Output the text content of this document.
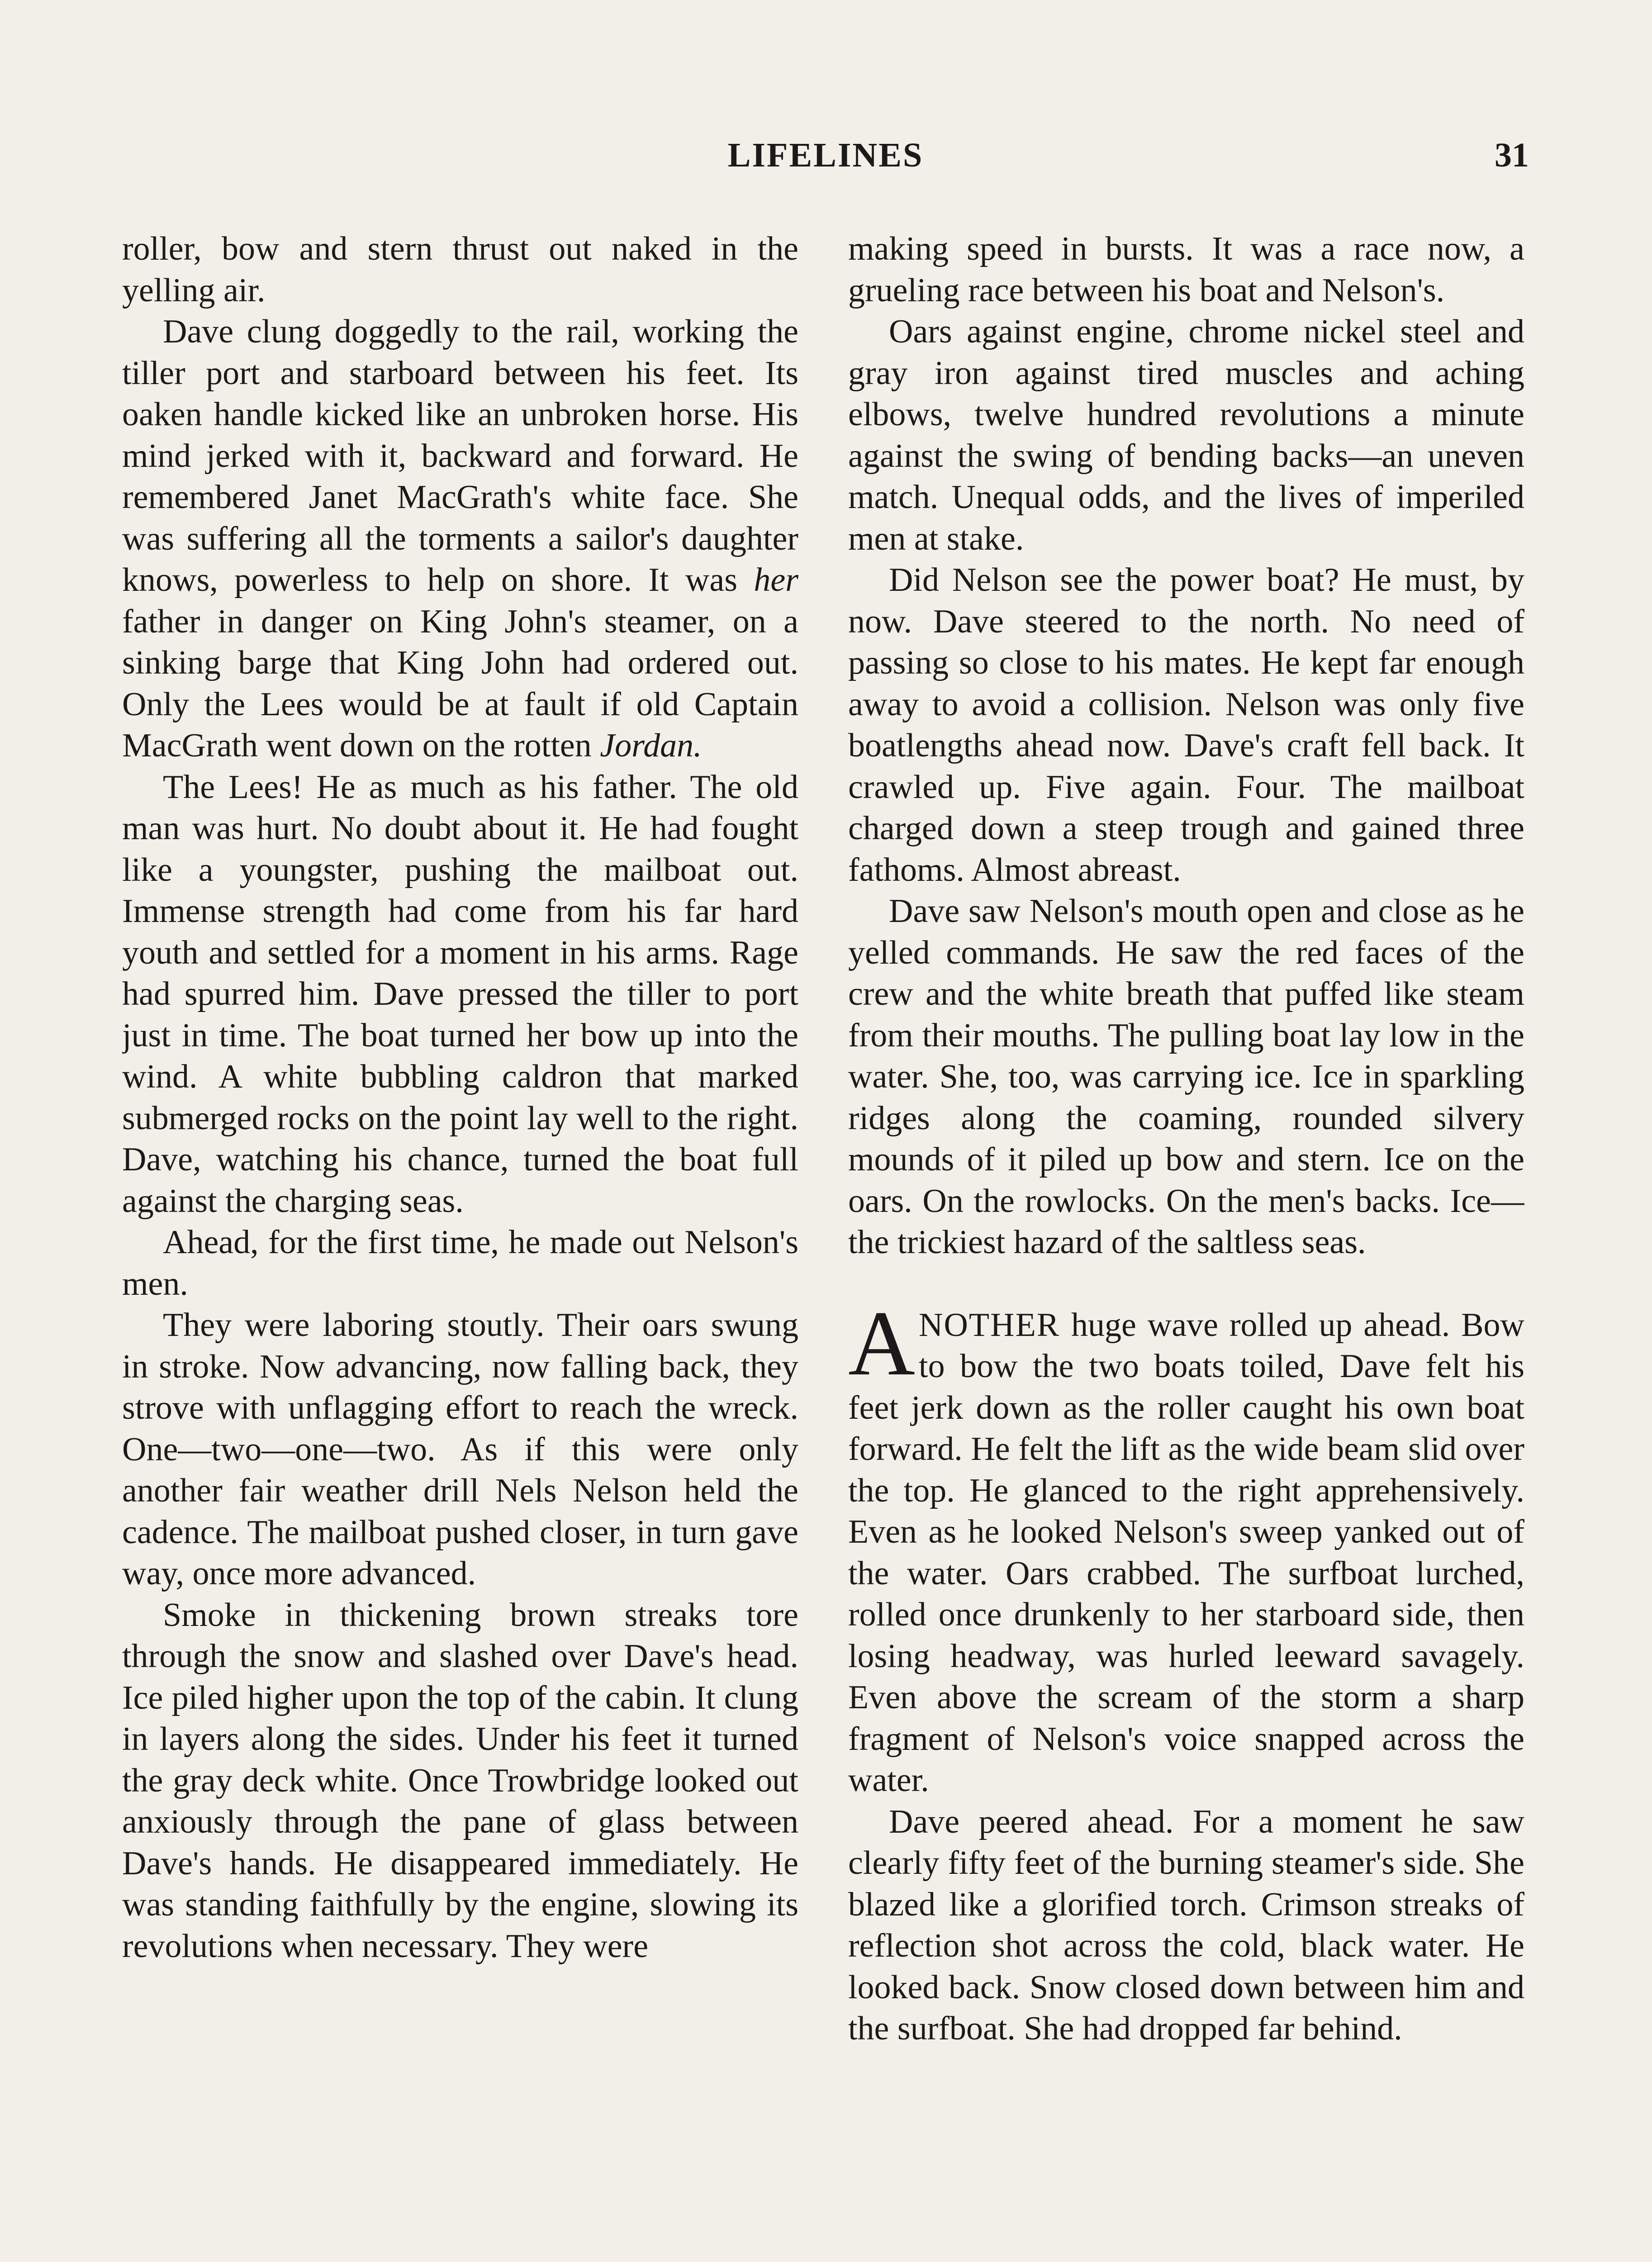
LIFELINES	31

roller, bow and stern thrust out naked in the yelling air.

Dave clung doggedly to the rail, working the tiller port and starboard between his feet. Its oaken handle kicked like an unbroken horse. His mind jerked with it, backward and forward. He remembered Janet MacGrath's white face. She was suffering all the torments a sailor's daughter knows, powerless to help on shore. It was her father in danger on King John's steamer, on a sinking barge that King John had ordered out. Only the Lees would be at fault if old Captain MacGrath went down on the rotten Jordan.

The Lees! He as much as his father. The old man was hurt. No doubt about it. He had fought like a youngster, pushing the mailboat out. Immense strength had come from his far hard youth and settled for a moment in his arms. Rage had spurred him. Dave pressed the tiller to port just in time. The boat turned her bow up into the wind. A white bubbling caldron that marked submerged rocks on the point lay well to the right. Dave, watching his chance, turned the boat full against the charging seas.

Ahead, for the first time, he made out Nelson's men.

They were laboring stoutly. Their oars swung in stroke. Now advancing, now falling back, they strove with unflagging effort to reach the wreck. One—two—one—two. As if this were only another fair weather drill Nels Nelson held the cadence. The mailboat pushed closer, in turn gave way, once more advanced.

Smoke in thickening brown streaks tore through the snow and slashed over Dave's head. Ice piled higher upon the top of the cabin. It clung in layers along the sides. Under his feet it turned the gray deck white. Once Trowbridge looked out anxiously through the pane of glass between Dave's hands. He disappeared immediately. He was standing faithfully by the engine, slowing its revolutions when necessary. They were

making speed in bursts. It was a race now, a grueling race between his boat and Nelson's.

Oars against engine, chrome nickel steel and gray iron against tired muscles and aching elbows, twelve hundred revolutions a minute against the swing of bending backs—an uneven match. Unequal odds, and the lives of imperiled men at stake.

Did Nelson see the power boat? He must, by now. Dave steered to the north. No need of passing so close to his mates. He kept far enough away to avoid a collision. Nelson was only five boatlengths ahead now. Dave's craft fell back. It crawled up. Five again. Four. The mailboat charged down a steep trough and gained three fathoms. Almost abreast.

Dave saw Nelson's mouth open and close as he yelled commands. He saw the red faces of the crew and the white breath that puffed like steam from their mouths. The pulling boat lay low in the water. She, too, was carrying ice. Ice in sparkling ridges along the coaming, rounded silvery mounds of it piled up bow and stern. Ice on the oars. On the rowlocks. On the men's backs. Ice—the trickiest hazard of the saltless seas.

ANOTHER huge wave rolled up ahead. Bow to bow the two boats toiled, Dave felt his feet jerk down as the roller caught his own boat forward. He felt the lift as the wide beam slid over the top. He glanced to the right apprehensively. Even as he looked Nelson's sweep yanked out of the water. Oars crabbed. The surfboat lurched, rolled once drunkenly to her starboard side, then losing headway, was hurled leeward savagely. Even above the scream of the storm a sharp fragment of Nelson's voice snapped across the water.

Dave peered ahead. For a moment he saw clearly fifty feet of the burning steamer's side. She blazed like a glorified torch. Crimson streaks of reflection shot across the cold, black water. He looked back. Snow closed down between him and the surfboat. She had dropped far behind.
